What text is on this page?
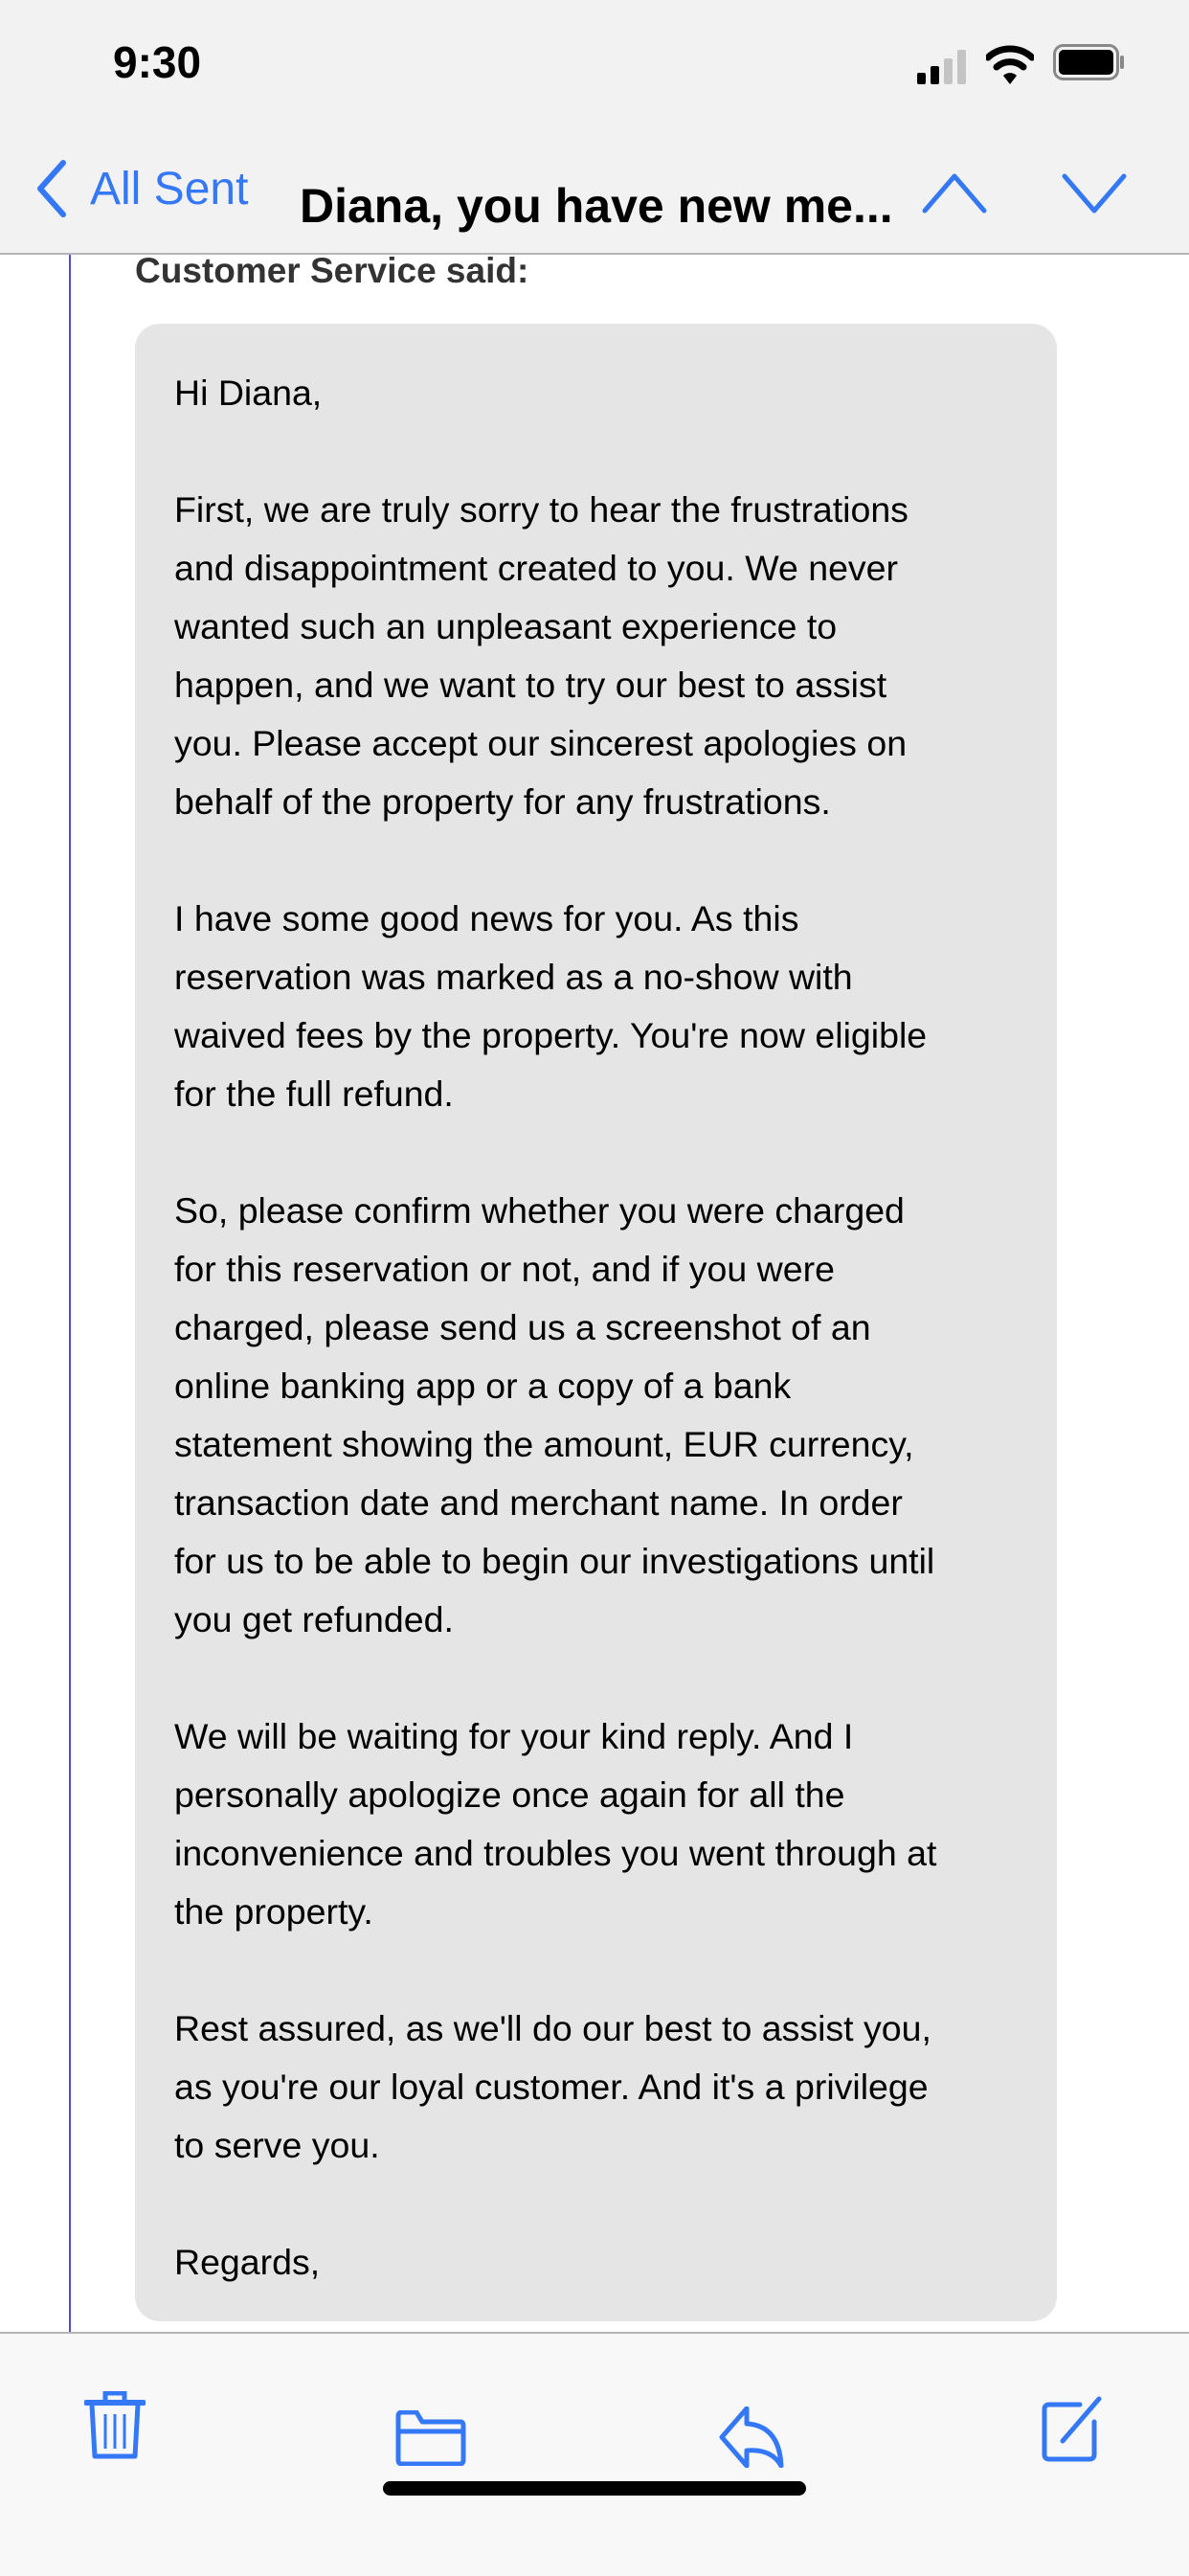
9:30
All Sent Diana, you have new me...
Customer Service said:
Hi Diana,
First, we are truly sorry to hear the frustrations
and disappointment created to you. We never
wanted such an unpleasant experience to
happen, and we want to try our best to assist
you. Please accept our sincerest apologies on
behalf of the property for any frustrations.
I have some good news for you. As this
reservation was marked as a no-show with
waived fees by the property. You're now eligible
for the full refund.
So, please confirm whether you were charged
for this reservation or not, and if you were
charged, please send us a screenshot of an
online banking app or a copy of a bank
statement showing the amount, EUR currency,
transaction date and merchant name. In order
for us to be able to begin our investigations until
you get refunded.
We will be waiting for your kind reply. And I
personally apologize once again for all the
inconvenience and troubles you went through at
the property.
Rest assured, as we'll do our best to assist you,
as you're our loyal customer. And it's a privilege
to serve you.
Regards,
